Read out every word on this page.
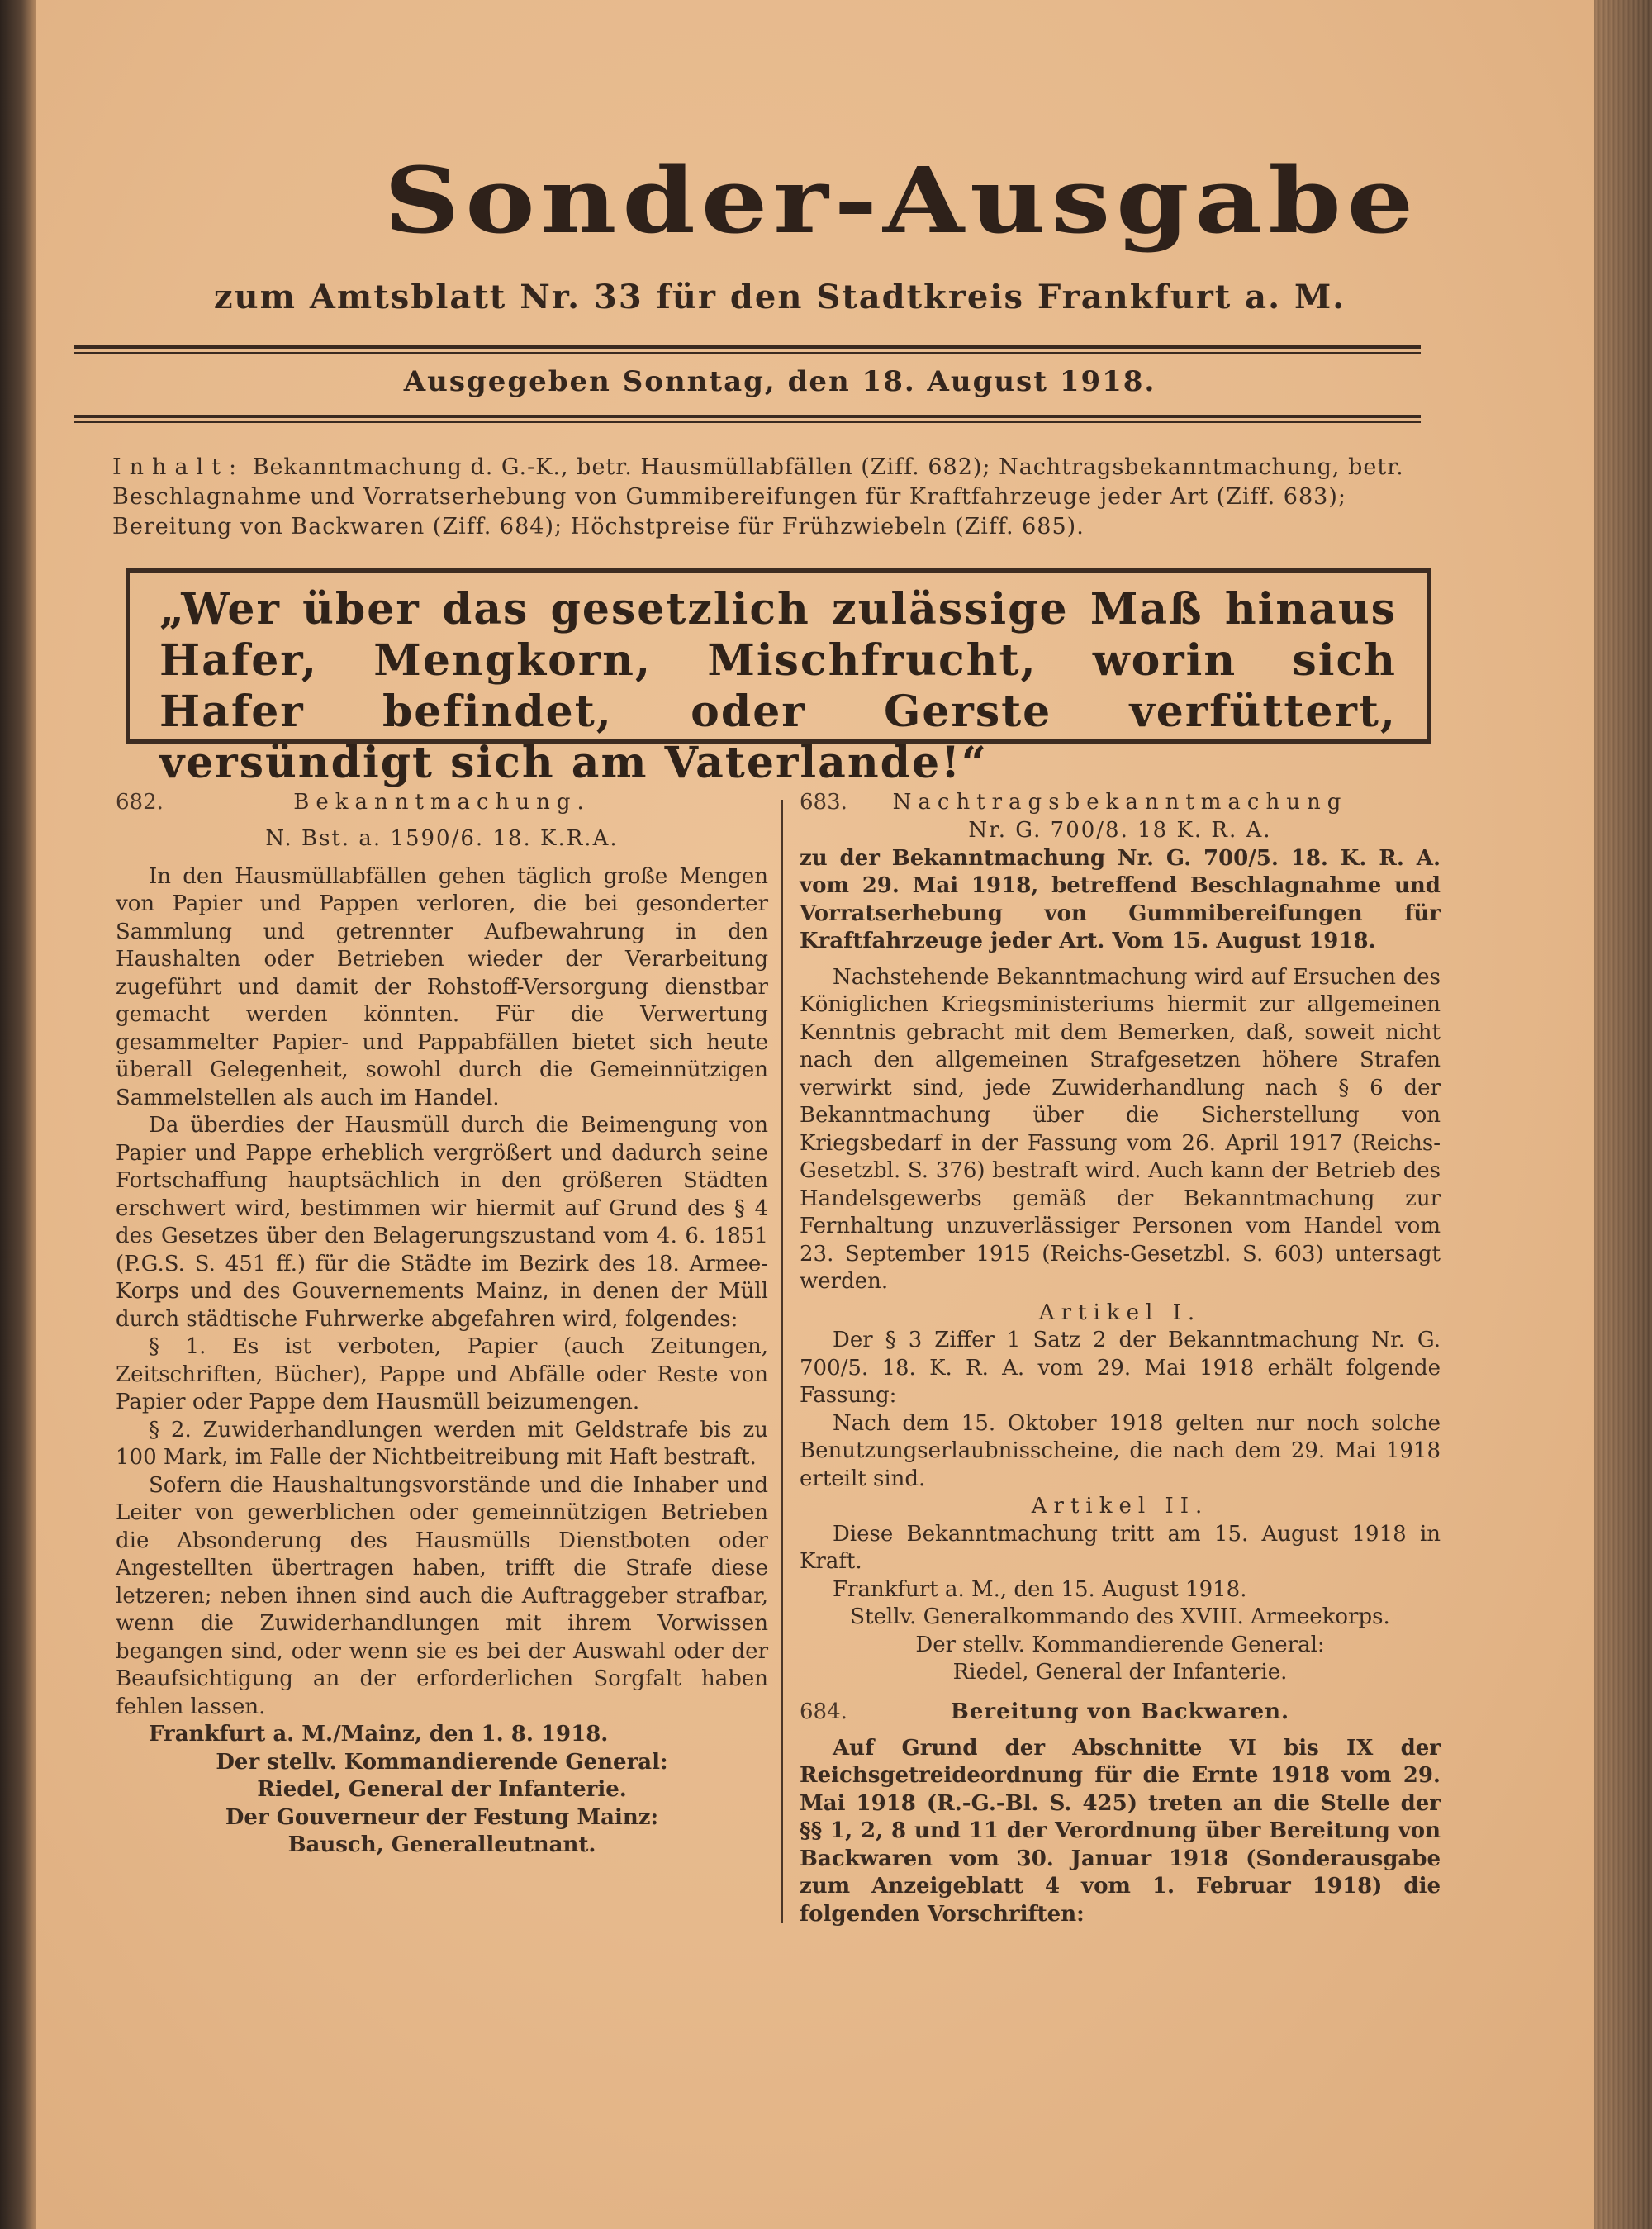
Sonder-Ausgabe
zum Amtsblatt Nr. 33 für den Stadtkreis Frankfurt a. M.
Ausgegeben Sonntag, den 18. August 1918.
Inhalt: Bekanntmachung d. G.-K., betr. Hausmüllabfällen (Ziff. 682); Nachtragsbekanntmachung, betr. Beschlagnahme und Vorratserhebung von Gummibereifungen für Kraftfahrzeuge jeder Art (Ziff. 683); Bereitung von Backwaren (Ziff. 684); Höchstpreise für Frühzwiebeln (Ziff. 685).
„Wer über das gesetzlich zulässige Maß hinaus Hafer, Mengkorn, Mischfrucht, worin sich Hafer befindet, oder Gerste verfüttert, versündigt sich am Vaterlande!“
682.	Bekanntmachung.
N. Bst. a. 1590/6. 18. K.R.A.

In den Hausmüllabfällen gehen täglich große Mengen von Papier und Pappen verloren, die bei gesonderter Sammlung und getrennter Aufbewahrung in den Haushalten oder Betrieben wieder der Verarbeitung zugeführt und damit der Rohstoff-Versorgung dienstbar gemacht werden könnten. Für die Verwertung gesammelter Papier- und Pappabfällen bietet sich heute überall Gelegenheit, sowohl durch die Gemeinnützigen Sammelstellen als auch im Handel.

Da überdies der Hausmüll durch die Beimengung von Papier und Pappe erheblich vergrößert und dadurch seine Fortschaffung hauptsächlich in den größeren Städten erschwert wird, bestimmen wir hiermit auf Grund des § 4 des Gesetzes über den Belagerungszustand vom 4. 6. 1851 (P.G.S. S. 451 ff.) für die Städte im Bezirk des 18. Armee-Korps und des Gouvernements Mainz, in denen der Müll durch städtische Fuhrwerke abgefahren wird, folgendes:

§ 1. Es ist verboten, Papier (auch Zeitungen, Zeitschriften, Bücher), Pappe und Abfälle oder Reste von Papier oder Pappe dem Hausmüll beizumengen.

§ 2. Zuwiderhandlungen werden mit Geldstrafe bis zu 100 Mark, im Falle der Nichtbeitreibung mit Haft bestraft.

Sofern die Haushaltungsvorstände und die Inhaber und Leiter von gewerblichen oder gemeinnützigen Betrieben die Absonderung des Hausmülls Dienstboten oder Angestellten übertragen haben, trifft die Strafe diese letzeren; neben ihnen sind auch die Auftraggeber strafbar, wenn die Zuwiderhandlungen mit ihrem Vorwissen begangen sind, oder wenn sie es bei der Auswahl oder der Beaufsichtigung an der erforderlichen Sorgfalt haben fehlen lassen.

Frankfurt a. M./Mainz, den 1. 8. 1918.

Der stellv. Kommandierende General:
Riedel, General der Infanterie.
Der Gouverneur der Festung Mainz:
Bausch, Generalleutnant.
683.	Nachtragsbekanntmachung
Nr. G. 700/8. 18 K. R. A.

zu der Bekanntmachung Nr. G. 700/5. 18. K. R. A. vom 29. Mai 1918, betreffend Beschlagnahme und Vorratserhebung von Gummibereifungen für Kraftfahrzeuge jeder Art. Vom 15. August 1918.

Nachstehende Bekanntmachung wird auf Ersuchen des Königlichen Kriegsministeriums hiermit zur allgemeinen Kenntnis gebracht mit dem Bemerken, daß, soweit nicht nach den allgemeinen Strafgesetzen höhere Strafen verwirkt sind, jede Zuwiderhandlung nach § 6 der Bekanntmachung über die Sicherstellung von Kriegsbedarf in der Fassung vom 26. April 1917 (Reichs-Gesetzbl. S. 376) bestraft wird. Auch kann der Betrieb des Handelsgewerbs gemäß der Bekanntmachung zur Fernhaltung unzuverlässiger Personen vom Handel vom 23. September 1915 (Reichs-Gesetzbl. S. 603) untersagt werden.

Artikel I.

Der § 3 Ziffer 1 Satz 2 der Bekanntmachung Nr. G. 700/5. 18. K. R. A. vom 29. Mai 1918 erhält folgende Fassung:

Nach dem 15. Oktober 1918 gelten nur noch solche Benutzungserlaubnisscheine, die nach dem 29. Mai 1918 erteilt sind.

Artikel II.

Diese Bekanntmachung tritt am 15. August 1918 in Kraft.

Frankfurt a. M., den 15. August 1918.

Stellv. Generalkommando des XVIII. Armeekorps.
Der stellv. Kommandierende General:
Riedel, General der Infanterie.
684.	Bereitung von Backwaren.

Auf Grund der Abschnitte VI bis IX der Reichsgetreideordnung für die Ernte 1918 vom 29. Mai 1918 (R.-G.-Bl. S. 425) treten an die Stelle der §§ 1, 2, 8 und 11 der Verordnung über Bereitung von Backwaren vom 30. Januar 1918 (Sonderausgabe zum Anzeigeblatt 4 vom 1. Februar 1918) die folgenden Vorschriften:
